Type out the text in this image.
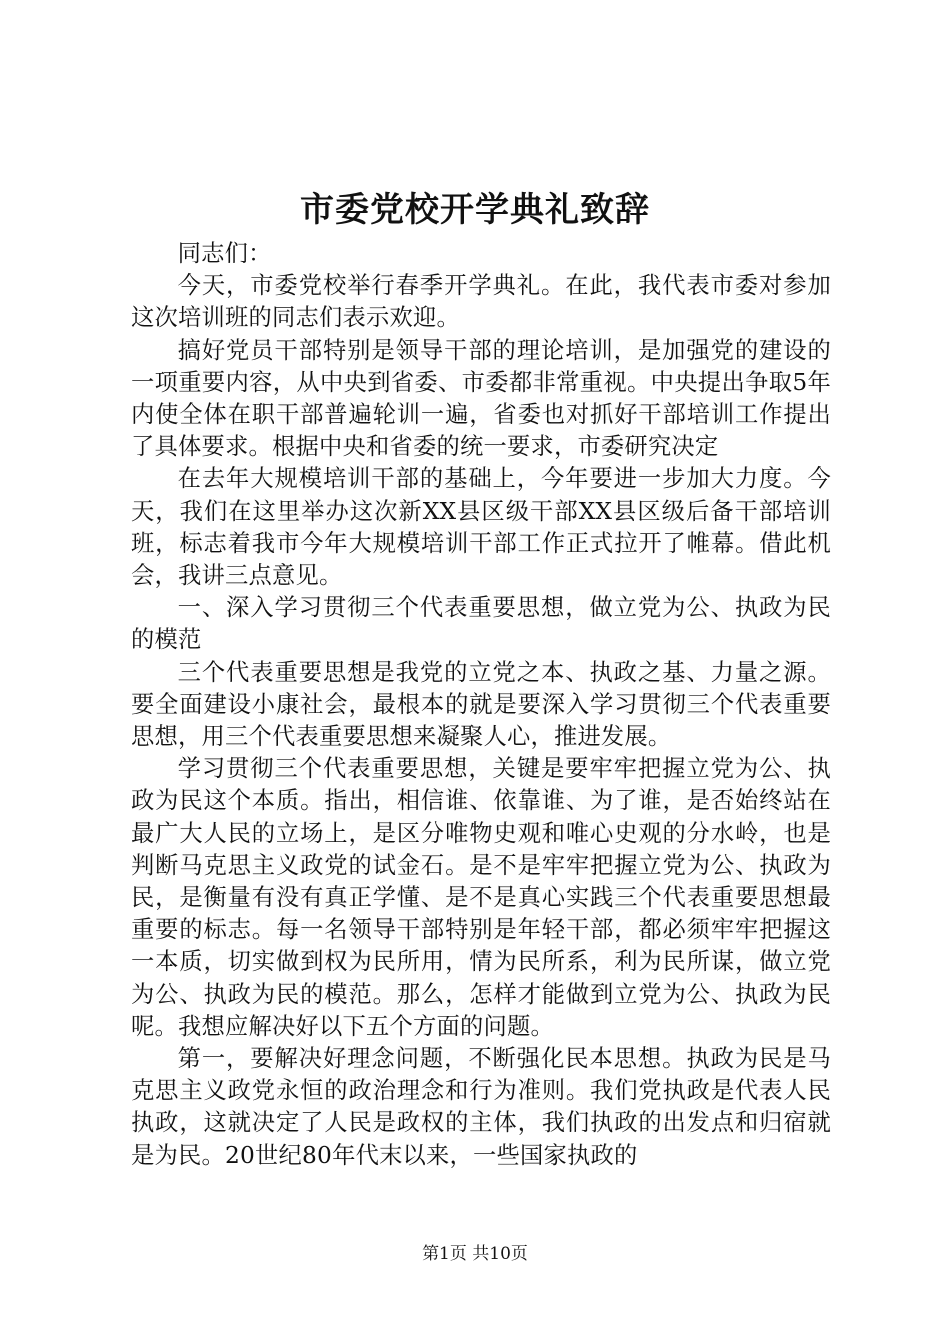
市委党校开学典礼致辞

同志们：

今天，市委党校举行春季开学典礼。在此，我代表市委对参加这次培训班的同志们表示欢迎。

搞好党员干部特别是领导干部的理论培训，是加强党的建设的一项重要内容，从中央到省委、市委都非常重视。中央提出争取5年内使全体在职干部普遍轮训一遍，省委也对抓好干部培训工作提出了具体要求。根据中央和省委的统一要求，市委研究决定

在去年大规模培训干部的基础上，今年要进一步加大力度。今天，我们在这里举办这次新XX县区级干部XX县区级后备干部培训班，标志着我市今年大规模培训干部工作正式拉开了帷幕。借此机会，我讲三点意见。

一、深入学习贯彻三个代表重要思想，做立党为公、执政为民的模范

三个代表重要思想是我党的立党之本、执政之基、力量之源。要全面建设小康社会，最根本的就是要深入学习贯彻三个代表重要思想，用三个代表重要思想来凝聚人心，推进发展。

学习贯彻三个代表重要思想，关键是要牢牢把握立党为公、执政为民这个本质。指出，相信谁、依靠谁、为了谁，是否始终站在最广大人民的立场上，是区分唯物史观和唯心史观的分水岭，也是判断马克思主义政党的试金石。是不是牢牢把握立党为公、执政为民，是衡量有没有真正学懂、是不是真心实践三个代表重要思想最重要的标志。每一名领导干部特别是年轻干部，都必须牢牢把握这一本质，切实做到权为民所用，情为民所系，利为民所谋，做立党为公、执政为民的模范。那么，怎样才能做到立党为公、执政为民呢。我想应解决好以下五个方面的问题。

第一，要解决好理念问题，不断强化民本思想。执政为民是马克思主义政党永恒的政治理念和行为准则。我们党执政是代表人民执政，这就决定了人民是政权的主体，我们执政的出发点和归宿就是为民。20世纪80年代末以来，一些国家执政的

第1页 共10页
